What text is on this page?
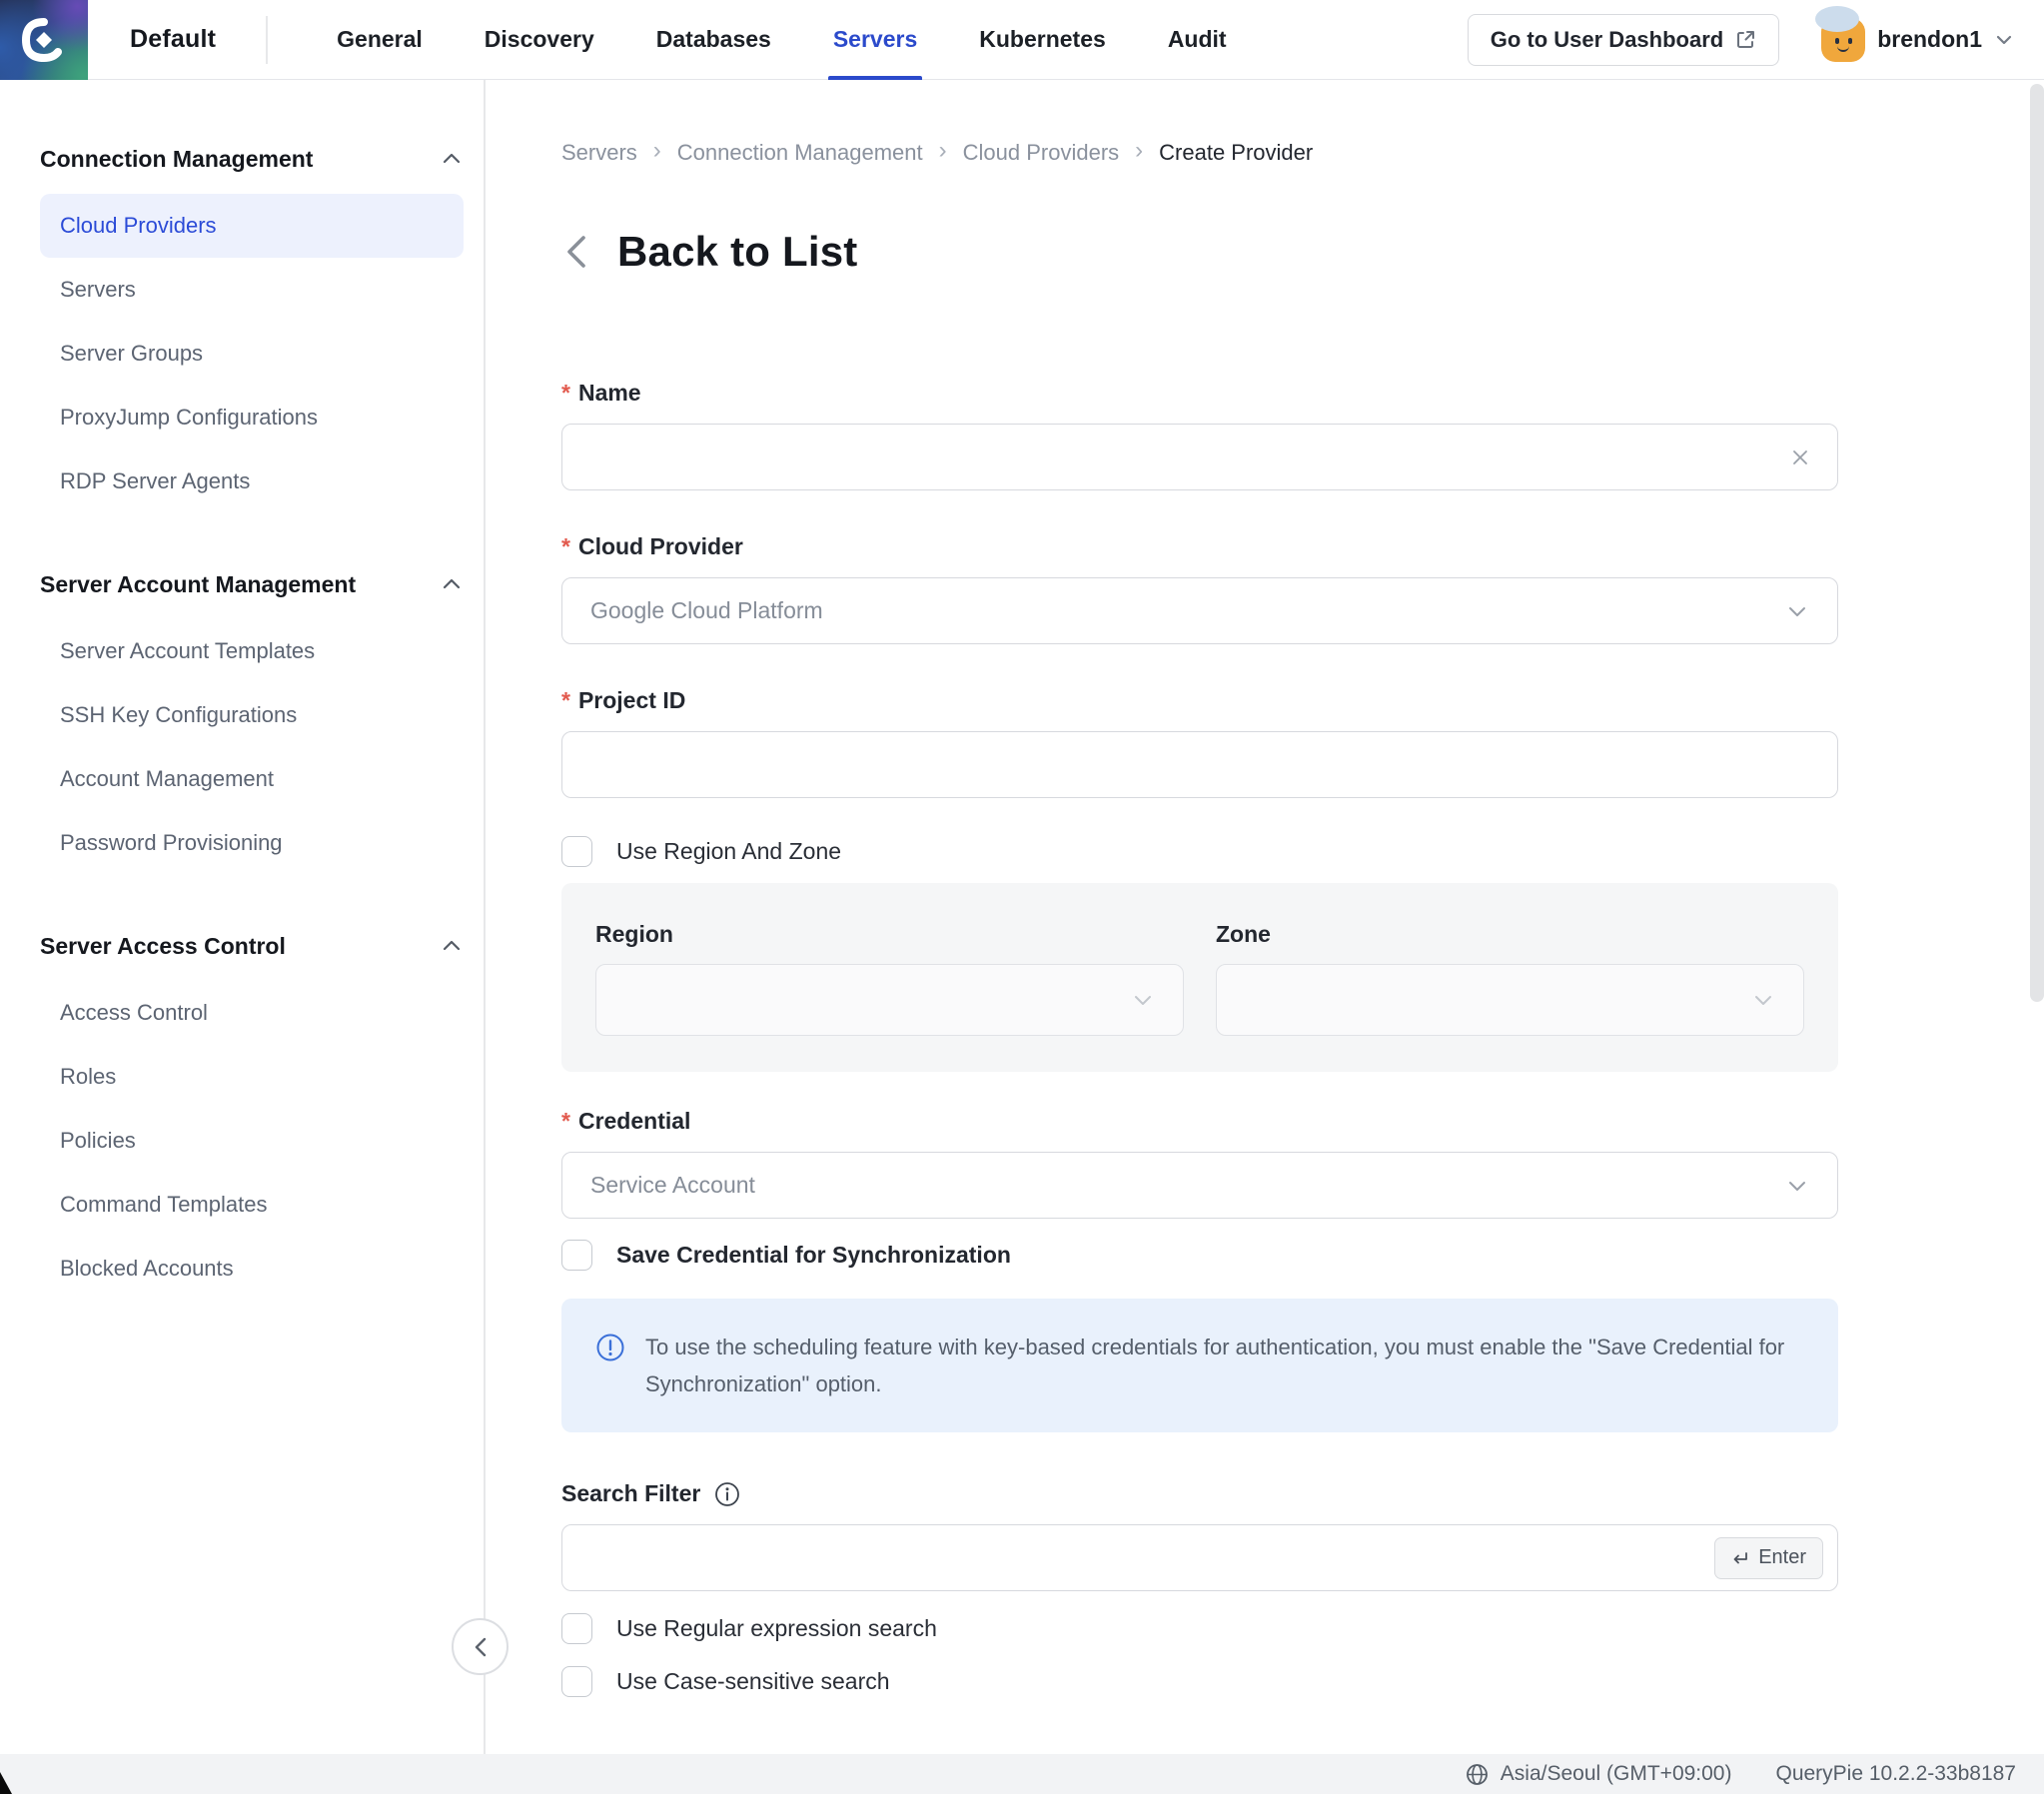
Default	General	Discovery	Databases	Servers	Kubernetes	Audit	Go to User Dashboard	brendon1
Connection Management
Cloud Providers
Servers
Server Groups
ProxyJump Configurations
RDP Server Agents
Server Account Management
Server Account Templates
SSH Key Configurations
Account Management
Password Provisioning
Server Access Control
Access Control
Roles
Policies
Command Templates
Blocked Accounts
Servers › Connection Management › Cloud Providers › Create Provider
Back to List
* Name
* Cloud Provider
Google Cloud Platform
* Project ID
Use Region And Zone
Region	Zone
* Credential
Service Account
Save Credential for Synchronization
To use the scheduling feature with key-based credentials for authentication, you must enable the "Save Credential for Synchronization" option.
Search Filter
Enter
Use Regular expression search
Use Case-sensitive search
Asia/Seoul (GMT+09:00) QueryPie 10.2.2-33b8187
